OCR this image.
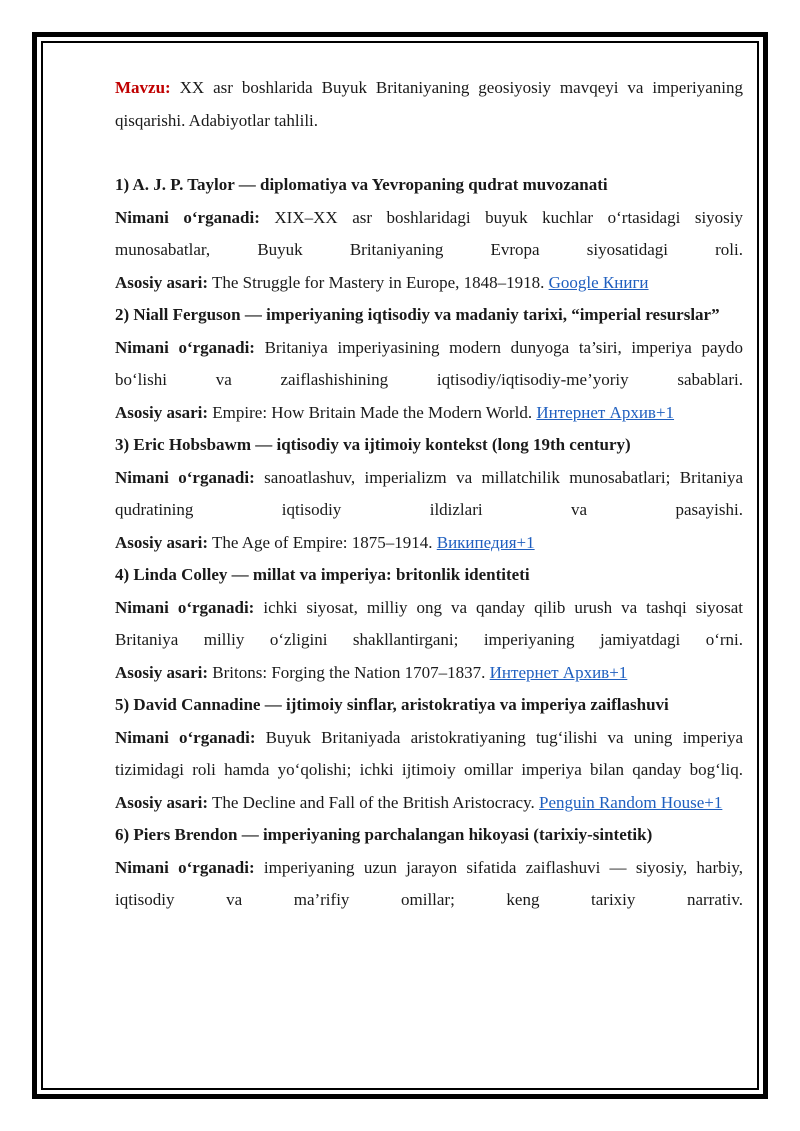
Mavzu: XX asr boshlarida Buyuk Britaniyaning geosiyosiy mavqeyi va imperiyaning qisqarishi. Adabiyotlar tahlili.

1) A. J. P. Taylor — diplomatiya va Yevropaning qudrat muvozanati

Nimani o‘rganadi: XIX–XX asr boshlaridagi buyuk kuchlar o‘rtasidagi siyosiy munosabatlar, Buyuk Britaniyaning Evropa siyosatidagi roli.

Asosiy asari: The Struggle for Mastery in Europe, 1848–1918. Google Книги

2) Niall Ferguson — imperiyaning iqtisodiy va madaniy tarixi, “imperial resurslar”

Nimani o‘rganadi: Britaniya imperiyasining modern dunyoga ta’siri, imperiya paydo bo‘lishi va zaiflashishining iqtisodiy/iqtisodiy-me’yoriy sabablari.

Asosiy asari: Empire: How Britain Made the Modern World. Интернет Архив+1

3) Eric Hobsbawm — iqtisodiy va ijtimoiy kontekst (long 19th century)

Nimani o‘rganadi: sanoatlashuv, imperializm va millatchilik munosabatlari; Britaniya qudratining iqtisodiy ildizlari va pasayishi.

Asosiy asari: The Age of Empire: 1875–1914. Википедия+1

4) Linda Colley — millat va imperiya: britonlik identiteti

Nimani o‘rganadi: ichki siyosat, milliy ong va qanday qilib urush va tashqi siyosat Britaniya milliy o‘zligini shakllantirgani; imperiyaning jamiyatdagi o‘rni.

Asosiy asari: Britons: Forging the Nation 1707–1837. Интернет Архив+1

5) David Cannadine — ijtimoiy sinflar, aristokratiya va imperiya zaiflashuvi

Nimani o‘rganadi: Buyuk Britaniyada aristokratiyaning tug‘ilishi va uning imperiya tizimidagi roli hamda yo‘qolishi; ichki ijtimoiy omillar imperiya bilan qanday bog‘liq.

Asosiy asari: The Decline and Fall of the British Aristocracy. Penguin Random House+1

6) Piers Brendon — imperiyaning parchalangan hikoyasi (tarixiy-sintetik)

Nimani o‘rganadi: imperiyaning uzun jarayon sifatida zaiflashuvi — siyosiy, harbiy, iqtisodiy va ma’rifiy omillar; keng tarixiy narrativ.
